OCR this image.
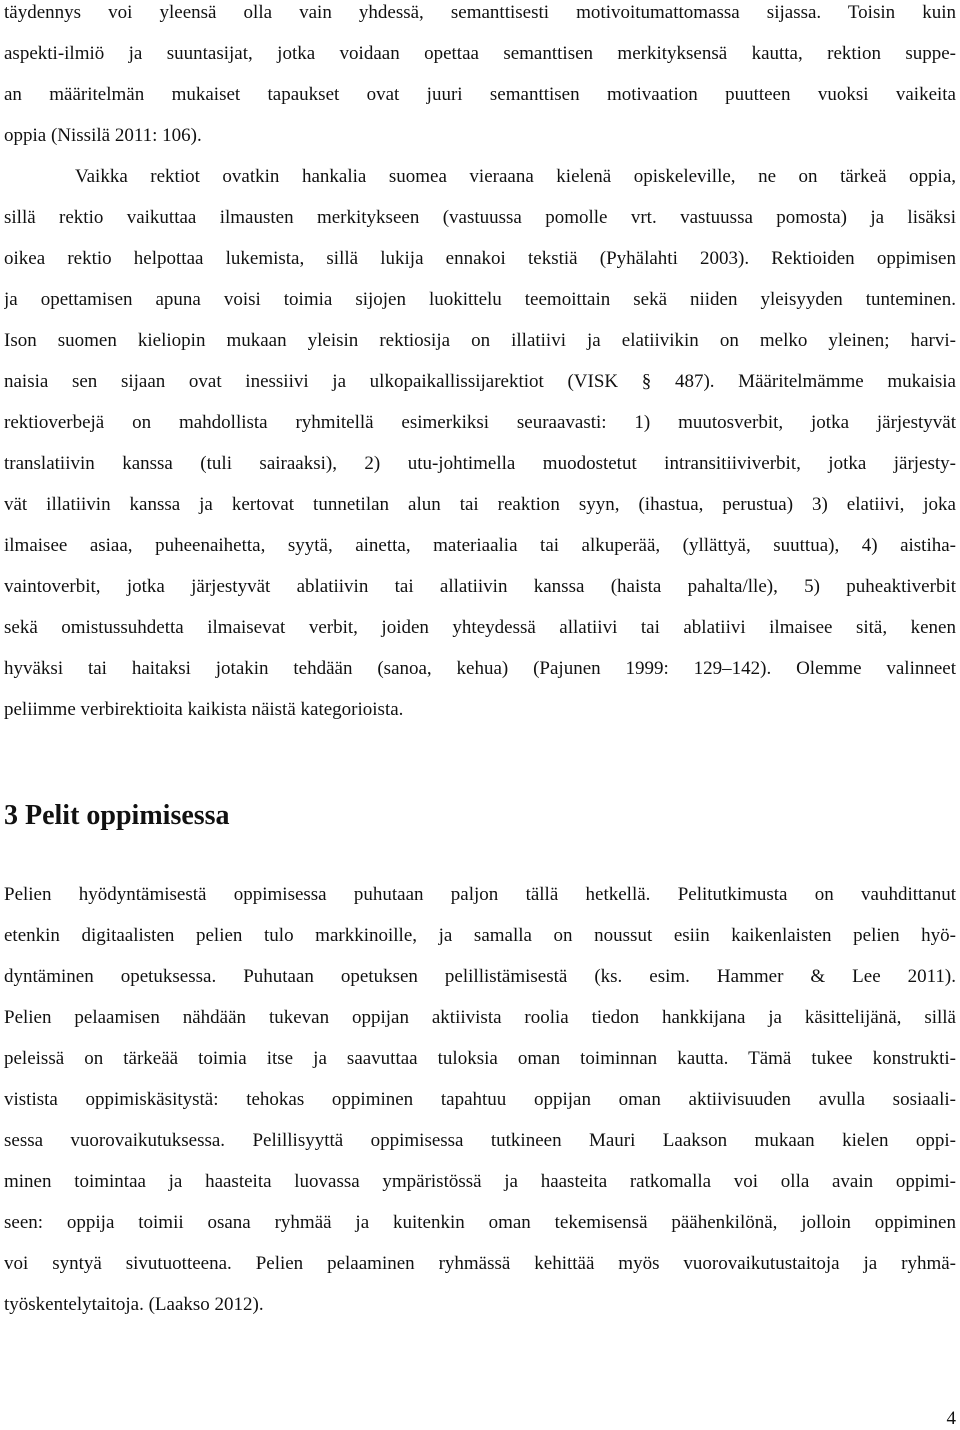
täydennys voi yleensä olla vain yhdessä, semanttisesti motivoitumattomassa sijassa. Toisin kuin
aspekti-ilmiö ja suuntasijat, jotka voidaan opettaa semanttisen merkityksensä kautta, rektion suppe-
an määritelmän mukaiset tapaukset ovat juuri semanttisen motivaation puutteen vuoksi vaikeita
oppia (Nissilä 2011: 106).
Vaikka rektiot ovatkin hankalia suomea vieraana kielenä opiskeleville, ne on tärkeä oppia,
sillä rektio vaikuttaa ilmausten merkitykseen (vastuussa pomolle vrt. vastuussa pomosta) ja lisäksi
oikea rektio helpottaa lukemista, sillä lukija ennakoi tekstiä (Pyhälahti 2003). Rektioiden oppimisen
ja opettamisen apuna voisi toimia sijojen luokittelu teemoittain sekä niiden yleisyyden tunteminen.
Ison suomen kieliopin mukaan yleisin rektiosija on illatiivi ja elatiivikin on melko yleinen; harvi-
naisia sen sijaan ovat inessiivi ja ulkopaikallissijarektiot (VISK § 487). Määritelmämme mukaisia
rektioverbejä on mahdollista ryhmitellä esimerkiksi seuraavasti: 1) muutosverbit, jotka järjestyvät
translatiivin kanssa (tuli sairaaksi), 2) utu-johtimella muodostetut intransitiiviverbit, jotka järjesty-
vät illatiivin kanssa ja kertovat tunnetilan alun tai reaktion syyn, (ihastua, perustua) 3) elatiivi, joka
ilmaisee asiaa, puheenaihetta, syytä, ainetta, materiaalia tai alkuperää, (yllättyä, suuttua), 4) aistiha-
vaintoverbit, jotka järjestyvät ablatiivin tai allatiivin kanssa (haista pahalta/lle), 5) puheaktiverbit
sekä omistussuhdetta ilmaisevat verbit, joiden yhteydessä allatiivi tai ablatiivi ilmaisee sitä, kenen
hyväksi tai haitaksi jotakin tehdään (sanoa, kehua) (Pajunen 1999: 129–142). Olemme valinneet
peliimme verbirektioita kaikista näistä kategorioista.
3 Pelit oppimisessa
Pelien hyödyntämisestä oppimisessa puhutaan paljon tällä hetkellä. Pelitutkimusta on vauhdittanut
etenkin digitaalisten pelien tulo markkinoille, ja samalla on noussut esiin kaikenlaisten pelien hyö-
dyntäminen opetuksessa. Puhutaan opetuksen pelillistämisestä (ks. esim. Hammer & Lee 2011).
Pelien pelaamisen nähdään tukevan oppijan aktiivista roolia tiedon hankkijana ja käsittelijänä, sillä
peleissä on tärkeää toimia itse ja saavuttaa tuloksia oman toiminnan kautta. Tämä tukee konstrukti-
vistista oppimiskäsitystä: tehokas oppiminen tapahtuu oppijan oman aktiivisuuden avulla sosiaali-
sessa vuorovaikutuksessa. Pelillisyyttä oppimisessa tutkineen Mauri Laakson mukaan kielen oppi-
minen toimintaa ja haasteita luovassa ympäristössä ja haasteita ratkomalla voi olla avain oppimi-
seen: oppija toimii osana ryhmää ja kuitenkin oman tekemisensä päähenkilönä, jolloin oppiminen
voi syntyä sivutuotteena. Pelien pelaaminen ryhmässä kehittää myös vuorovaikutustaitoja ja ryhmä-
työskentelytaitoja. (Laakso 2012).
4
